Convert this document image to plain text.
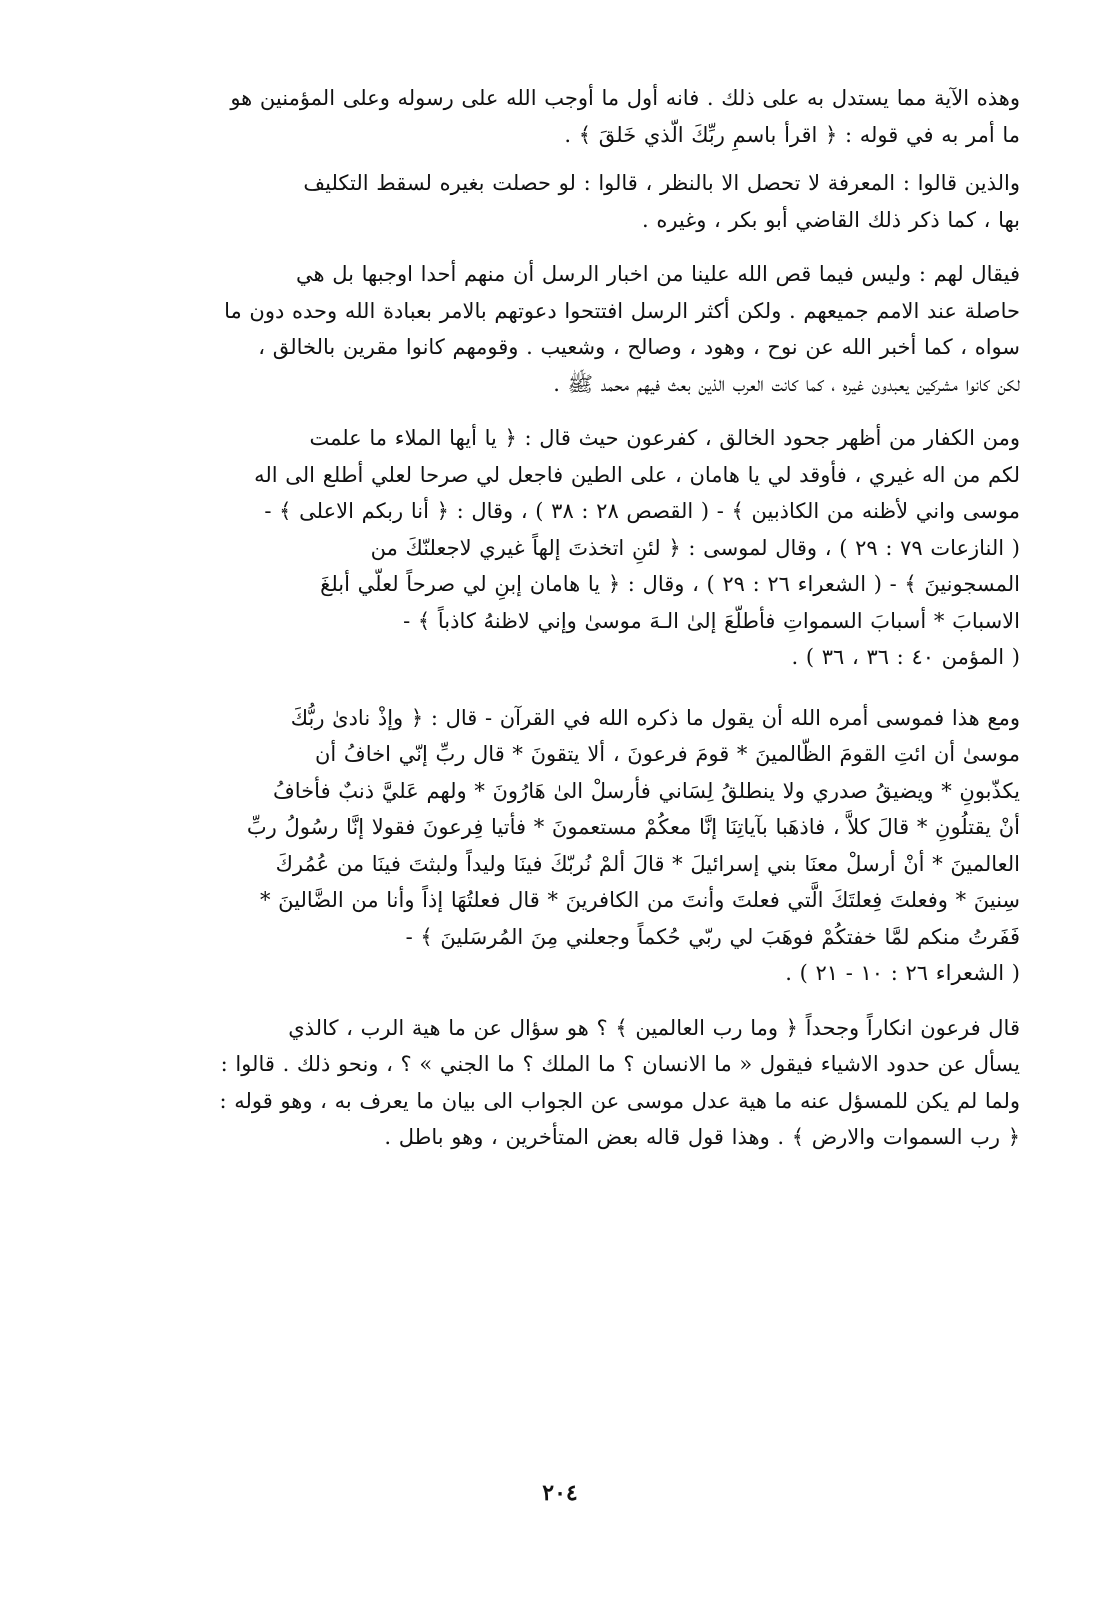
وهذه الآية مما يستدل به على ذلك . فانه أول ما أوجب الله على رسوله وعلى المؤمنين هو
ما أمر به في قوله : ﴿ اقرأ باسمِ ربِّكَ الّذي خَلقَ ﴾ .

والذين قالوا : المعرفة لا تحصل الا بالنظر ، قالوا : لو حصلت بغيره لسقط التكليف
بها ، كما ذكر ذلك القاضي أبو بكر ، وغيره .

فيقال لهم : وليس فيما قص الله علينا من اخبار الرسل أن منهم أحدا اوجبها بل هي
حاصلة عند الامم جميعهم . ولكن أكثر الرسل افتتحوا دعوتهم بالامر بعبادة الله وحده دون ما
سواه ، كما أخبر الله عن نوح ، وهود ، وصالح ، وشعيب . وقومهم كانوا مقرين بالخالق ،
لكن كانوا مشركين يعبدون غيره ، كما كانت العرب الذين بعث فيهم محمد ﷺ .

ومن الكفار من أظهر جحود الخالق ، كفرعون حيث قال : ﴿ يا أيها الملاء ما علمت
لكم من اله غيري ، فأوقد لي يا هامان ، على الطين فاجعل لي صرحا لعلي أطلع الى اله
موسى واني لأظنه من الكاذبين ﴾ - ( القصص ٢٨ : ٣٨ ) ، وقال : ﴿ أنا ربكم الاعلى ﴾ -
( النازعات ٧٩ : ٢٩ ) ، وقال لموسى : ﴿ لئنِ اتخذتَ إلهاً غيري لاجعلنّكَ من
المسجونينَ ﴾ - ( الشعراء ٢٦ : ٢٩ ) ، وقال : ﴿ يا هامان إبنِ لي صرحاً لعلّي أبلغَ
الاسبابَ * أسبابَ السمواتِ فأطلّعَ إلىٰ الـهَ موسىٰ وإني لاظنهُ كاذباً ﴾ -
( المؤمن ٤٠ : ٣٦ ، ٣٦ ) .

ومع هذا فموسى أمره الله أن يقول ما ذكره الله في القرآن - قال : ﴿ وإذْ نادىٰ ربُّكَ
موسىٰ أن ائتِ القومَ الظّالمينَ * قومَ فرعونَ ، ألا يتقونَ * قال ربِّ إنّي اخافُ أن
يكذّبونِ * ويضيقُ صدري ولا ينطلقُ لِسَاني فأرسلْ الىٰ هَارُونَ * ولهم عَليَّ ذنبٌ فأخافُ
أنْ يقتلُونِ * قالَ كلاَّ ، فاذهَبا بآياتِنَا إنَّا معكُمْ مستعمونَ * فأتيا فِرعونَ فقولا إنَّا رسُولُ ربِّ
العالمينَ * أنْ أرسلْ معنَا بني إسرائيلَ * قالَ ألمْ نُربّكَ فينَا وليداً ولبثتَ فينَا من عُمُركَ
سِنينَ * وفعلتَ فِعلتَكَ الَّتي فعلتَ وأنتَ من الكافرينَ * قال فعلتُهَا إذاً وأنا من الضَّالينَ *
فَفَرتُ منكم لمَّا خفتكُمْ فوهَبَ لي ربّي حُكماً وجعلني مِنَ المُرسَلينَ ﴾ -
( الشعراء ٢٦ : ١٠ - ٢١ ) .

قال فرعون انكاراً وجحداً ﴿ وما رب العالمين ﴾ ؟ هو سؤال عن ما هية الرب ، كالذي
يسأل عن حدود الاشياء فيقول « ما الانسان ؟ ما الملك ؟ ما الجني » ؟ ، ونحو ذلك . قالوا :
ولما لم يكن للمسؤل عنه ما هية عدل موسى عن الجواب الى بيان ما يعرف به ، وهو قوله :
﴿ رب السموات والارض ﴾ . وهذا قول قاله بعض المتأخرين ، وهو باطل .

٢٠٤
